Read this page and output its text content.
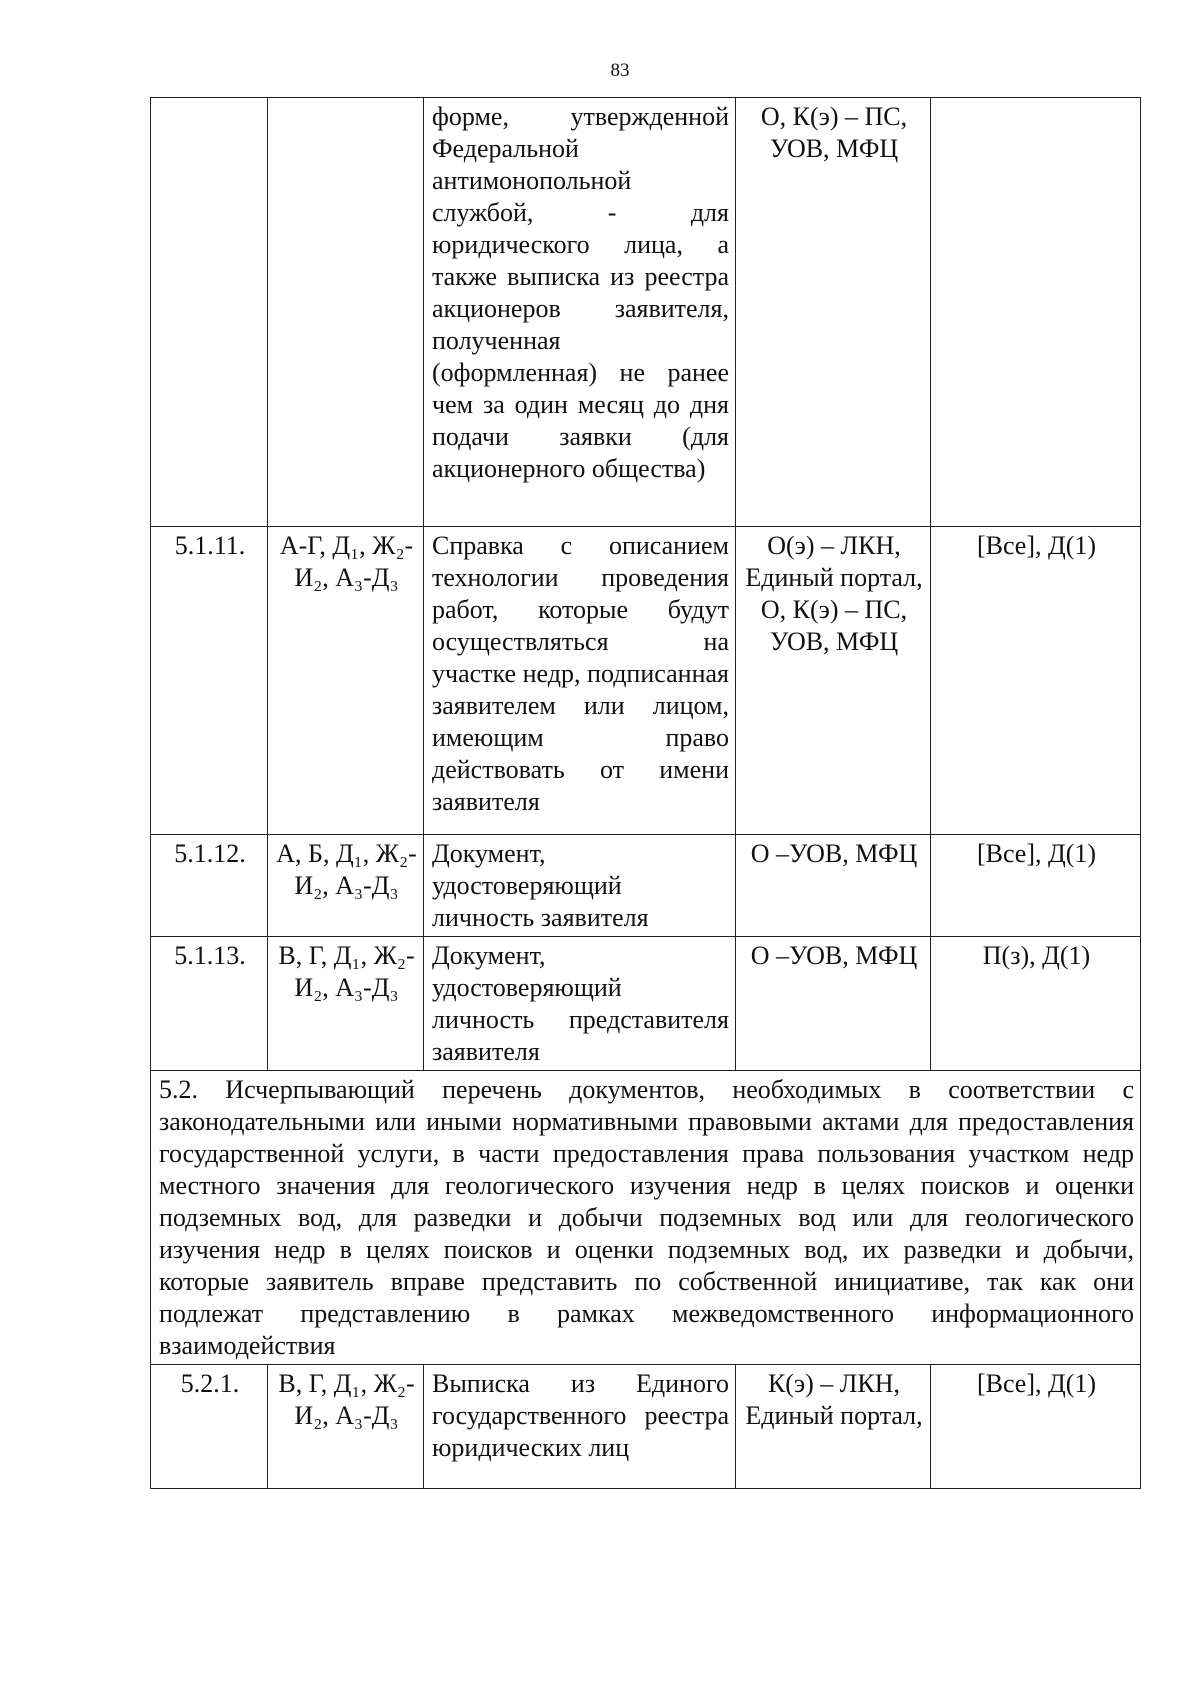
83
		форме, утвержденной Федеральной антимонопольной службой, - для юридического лица, а также выписка из реестра акционеров заявителя, полученная (оформленная) не ранее чем за один месяц до дня подачи заявки (для акционерного общества)	О, К(э) – ПС, УОВ, МФЦ	
5.1.11.	А-Г, Д₁, Ж₂-И₂, А₃-Д₃	Справка с описанием технологии проведения работ, которые будут осуществляться на участке недр, подписанная заявителем или лицом, имеющим право действовать от имени заявителя	О(э) – ЛКН, Единый портал, О, К(э) – ПС, УОВ, МФЦ	[Все], Д(1)
5.1.12.	А, Б, Д₁, Ж₂-И₂, А₃-Д₃	Документ, удостоверяющий личность заявителя	О –УОВ, МФЦ	[Все], Д(1)
5.1.13.	В, Г, Д₁, Ж₂-И₂, А₃-Д₃	Документ, удостоверяющий личность представителя заявителя	О –УОВ, МФЦ	П(з), Д(1)
5.2. Исчерпывающий перечень документов, необходимых в соответствии с законодательными или иными нормативными правовыми актами для предоставления государственной услуги, в части предоставления права пользования участком недр местного значения для геологического изучения недр в целях поисков и оценки подземных вод, для разведки и добычи подземных вод или для геологического изучения недр в целях поисков и оценки подземных вод, их разведки и добычи, которые заявитель вправе представить по собственной инициативе, так как они подлежат представлению в рамках межведомственного информационного взаимодействия				
5.2.1.	В, Г, Д₁, Ж₂-И₂, А₃-Д₃	Выписка из Единого государственного реестра юридических лиц	К(э) – ЛКН, Единый портал,	[Все], Д(1)
